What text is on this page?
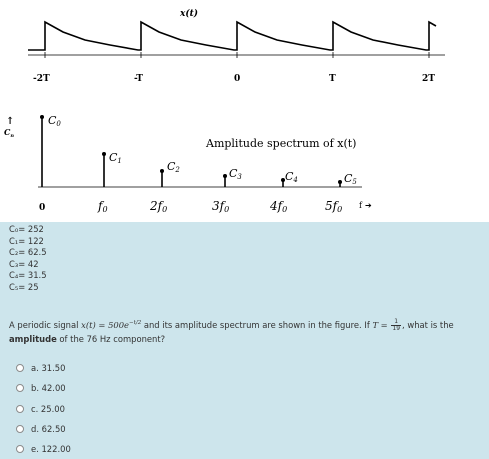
x(t)
-2T	-T	0	T	2T
↑
$C_n$
C0
C1	C2	C3	C4	C5
Amplitude spectrum of x(t)
0	f0	2f0	3f0	4f0	5f0 f ➔
C₀= 252
C₁= 122
C₂= 62.5
C₃= 42
C₄= 31.5
C₅= 25
A periodic signal $x(t) = 500e^{-t/2}$ and its amplitude spectrum are shown in the figure. If $T = \frac{1}{19}$ , what is the
amplitude of the 76 Hz component?
a. 31.50
b. 42.00
c. 25.00
d. 62.50
e. 122.00
